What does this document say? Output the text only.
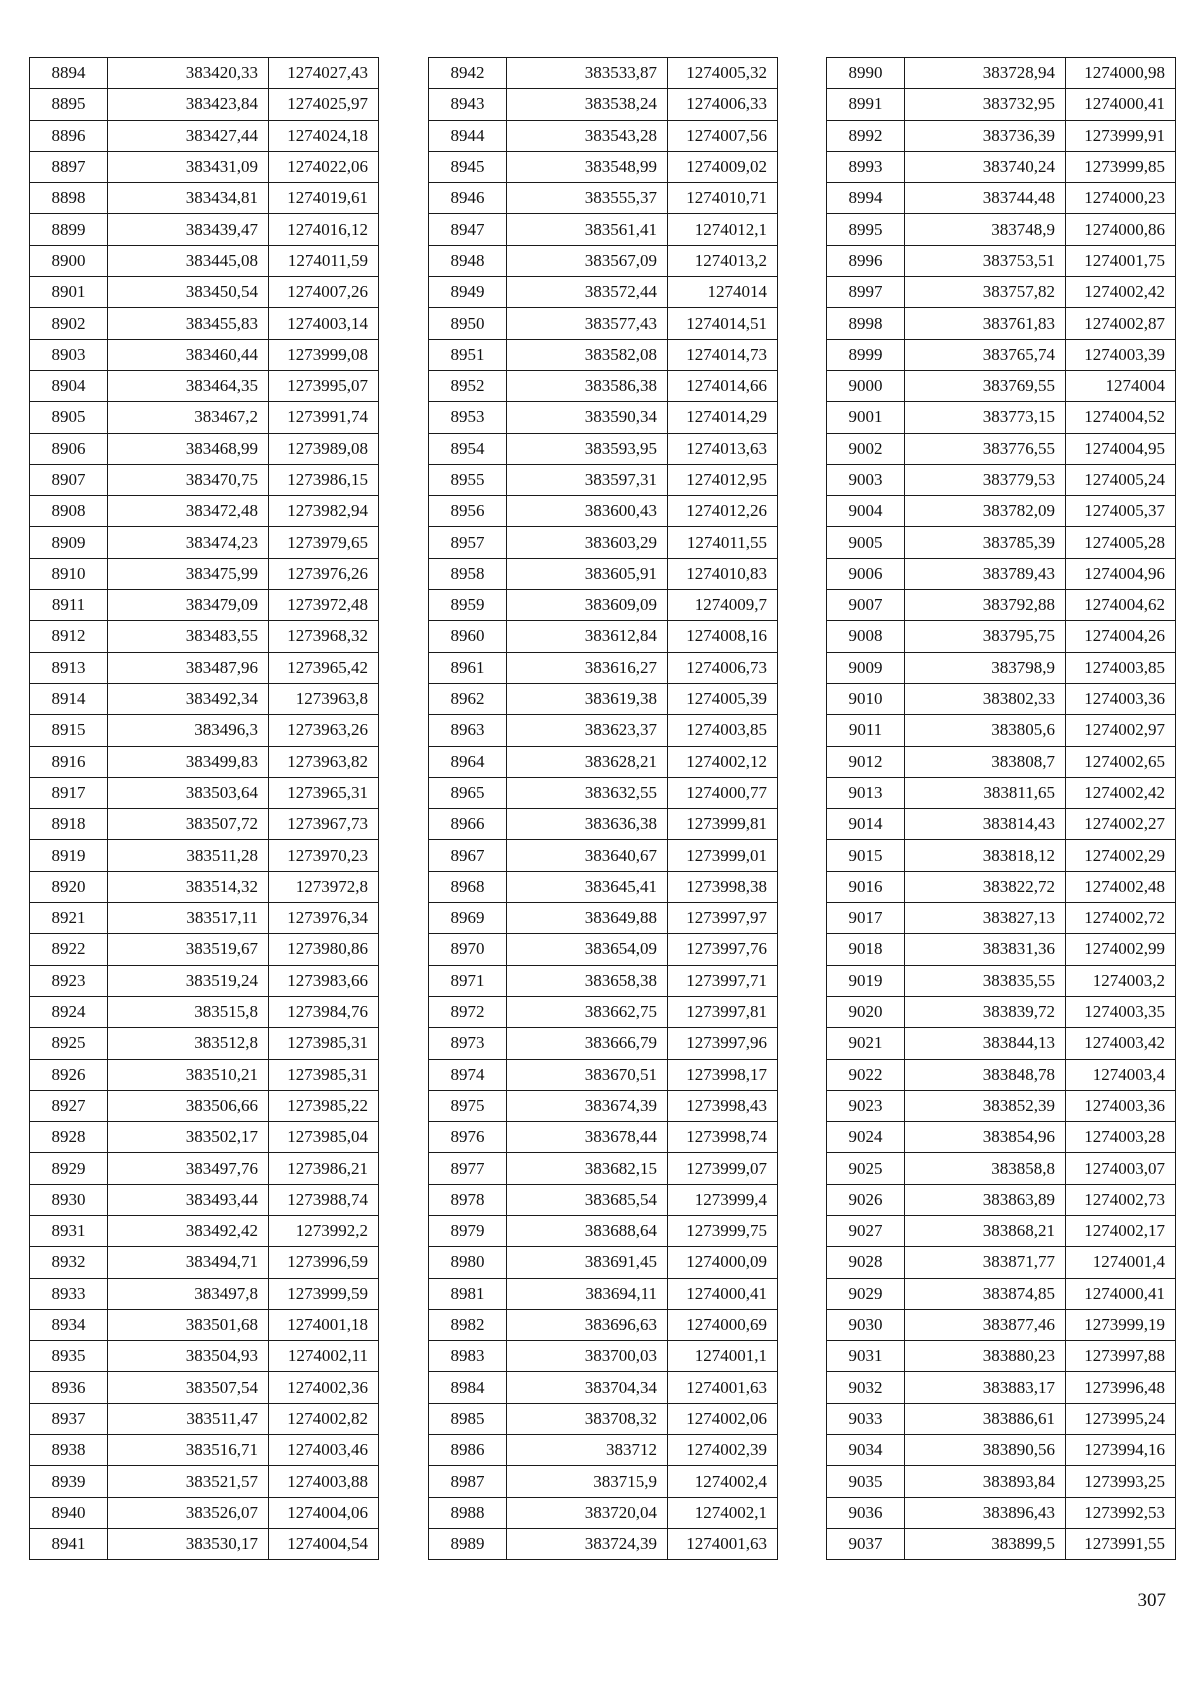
8894	383420,33	1274027,43
8895	383423,84	1274025,97
8896	383427,44	1274024,18
8897	383431,09	1274022,06
8898	383434,81	1274019,61
8899	383439,47	1274016,12
8900	383445,08	1274011,59
8901	383450,54	1274007,26
8902	383455,83	1274003,14
8903	383460,44	1273999,08
8904	383464,35	1273995,07
8905	383467,2	1273991,74
8906	383468,99	1273989,08
8907	383470,75	1273986,15
8908	383472,48	1273982,94
8909	383474,23	1273979,65
8910	383475,99	1273976,26
8911	383479,09	1273972,48
8912	383483,55	1273968,32
8913	383487,96	1273965,42
8914	383492,34	1273963,8
8915	383496,3	1273963,26
8916	383499,83	1273963,82
8917	383503,64	1273965,31
8918	383507,72	1273967,73
8919	383511,28	1273970,23
8920	383514,32	1273972,8
8921	383517,11	1273976,34
8922	383519,67	1273980,86
8923	383519,24	1273983,66
8924	383515,8	1273984,76
8925	383512,8	1273985,31
8926	383510,21	1273985,31
8927	383506,66	1273985,22
8928	383502,17	1273985,04
8929	383497,76	1273986,21
8930	383493,44	1273988,74
8931	383492,42	1273992,2
8932	383494,71	1273996,59
8933	383497,8	1273999,59
8934	383501,68	1274001,18
8935	383504,93	1274002,11
8936	383507,54	1274002,36
8937	383511,47	1274002,82
8938	383516,71	1274003,46
8939	383521,57	1274003,88
8940	383526,07	1274004,06
8941	383530,17	1274004,54
8942	383533,87	1274005,32
8943	383538,24	1274006,33
8944	383543,28	1274007,56
8945	383548,99	1274009,02
8946	383555,37	1274010,71
8947	383561,41	1274012,1
8948	383567,09	1274013,2
8949	383572,44	1274014
8950	383577,43	1274014,51
8951	383582,08	1274014,73
8952	383586,38	1274014,66
8953	383590,34	1274014,29
8954	383593,95	1274013,63
8955	383597,31	1274012,95
8956	383600,43	1274012,26
8957	383603,29	1274011,55
8958	383605,91	1274010,83
8959	383609,09	1274009,7
8960	383612,84	1274008,16
8961	383616,27	1274006,73
8962	383619,38	1274005,39
8963	383623,37	1274003,85
8964	383628,21	1274002,12
8965	383632,55	1274000,77
8966	383636,38	1273999,81
8967	383640,67	1273999,01
8968	383645,41	1273998,38
8969	383649,88	1273997,97
8970	383654,09	1273997,76
8971	383658,38	1273997,71
8972	383662,75	1273997,81
8973	383666,79	1273997,96
8974	383670,51	1273998,17
8975	383674,39	1273998,43
8976	383678,44	1273998,74
8977	383682,15	1273999,07
8978	383685,54	1273999,4
8979	383688,64	1273999,75
8980	383691,45	1274000,09
8981	383694,11	1274000,41
8982	383696,63	1274000,69
8983	383700,03	1274001,1
8984	383704,34	1274001,63
8985	383708,32	1274002,06
8986	383712	1274002,39
8987	383715,9	1274002,4
8988	383720,04	1274002,1
8989	383724,39	1274001,63
8990	383728,94	1274000,98
8991	383732,95	1274000,41
8992	383736,39	1273999,91
8993	383740,24	1273999,85
8994	383744,48	1274000,23
8995	383748,9	1274000,86
8996	383753,51	1274001,75
8997	383757,82	1274002,42
8998	383761,83	1274002,87
8999	383765,74	1274003,39
9000	383769,55	1274004
9001	383773,15	1274004,52
9002	383776,55	1274004,95
9003	383779,53	1274005,24
9004	383782,09	1274005,37
9005	383785,39	1274005,28
9006	383789,43	1274004,96
9007	383792,88	1274004,62
9008	383795,75	1274004,26
9009	383798,9	1274003,85
9010	383802,33	1274003,36
9011	383805,6	1274002,97
9012	383808,7	1274002,65
9013	383811,65	1274002,42
9014	383814,43	1274002,27
9015	383818,12	1274002,29
9016	383822,72	1274002,48
9017	383827,13	1274002,72
9018	383831,36	1274002,99
9019	383835,55	1274003,2
9020	383839,72	1274003,35
9021	383844,13	1274003,42
9022	383848,78	1274003,4
9023	383852,39	1274003,36
9024	383854,96	1274003,28
9025	383858,8	1274003,07
9026	383863,89	1274002,73
9027	383868,21	1274002,17
9028	383871,77	1274001,4
9029	383874,85	1274000,41
9030	383877,46	1273999,19
9031	383880,23	1273997,88
9032	383883,17	1273996,48
9033	383886,61	1273995,24
9034	383890,56	1273994,16
9035	383893,84	1273993,25
9036	383896,43	1273992,53
9037	383899,5	1273991,55
307
